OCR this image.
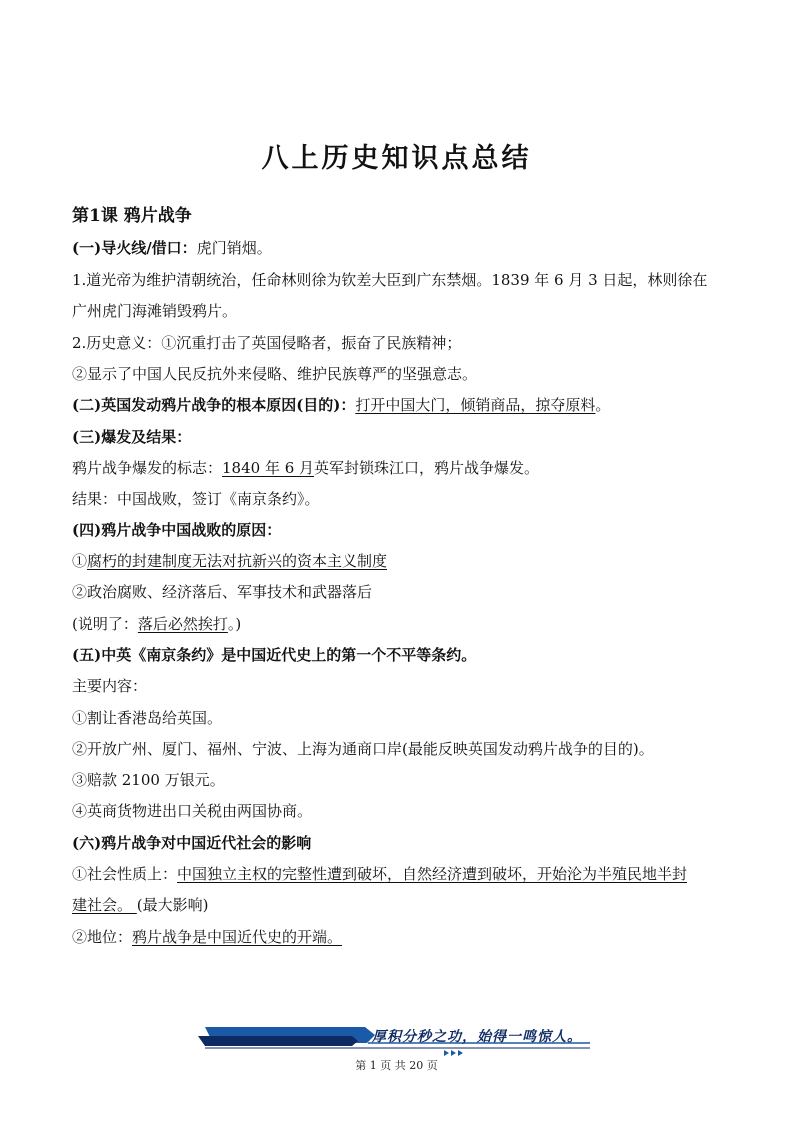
八上历史知识点总结
第1课 鸦片战争
(一)导火线/借口：虎门销烟。
1.道光帝为维护清朝统治，任命林则徐为钦差大臣到广东禁烟。1839 年 6 月 3 日起，林则徐在
广州虎门海滩销毁鸦片。
2.历史意义：①沉重打击了英国侵略者，振奋了民族精神；
②显示了中国人民反抗外来侵略、维护民族尊严的坚强意志。
(二)英国发动鸦片战争的根本原因(目的)：打开中国大门，倾销商品，掠夺原料。
(三)爆发及结果：
鸦片战争爆发的标志：1840 年 6 月英军封锁珠江口，鸦片战争爆发。
结果：中国战败，签订《南京条约》。
(四)鸦片战争中国战败的原因：
①腐朽的封建制度无法对抗新兴的资本主义制度
②政治腐败、经济落后、军事技术和武器落后
(说明了：落后必然挨打。)
(五)中英《南京条约》是中国近代史上的第一个不平等条约。
主要内容：
①割让香港岛给英国。
②开放广州、厦门、福州、宁波、上海为通商口岸(最能反映英国发动鸦片战争的目的)。
③赔款 2100 万银元。
④英商货物进出口关税由两国协商。
(六)鸦片战争对中国近代社会的影响
①社会性质上：中国独立主权的完整性遭到破坏，自然经济遭到破坏，开始沦为半殖民地半封
建社会。 (最大影响)
②地位：鸦片战争是中国近代史的开端。
厚积分秒之功，始得一鸣惊人。
第 1 页 共 20 页
